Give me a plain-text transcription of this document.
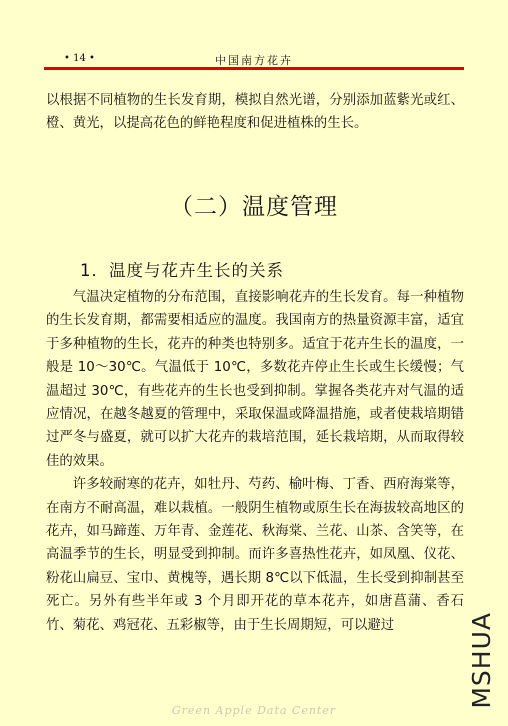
• 14 •	中国南方花卉

以根据不同植物的生长发育期，模拟自然光谱，分别添加蓝紫光或红、橙、黄光，以提高花色的鲜艳程度和促进植株的生长。

（二）温度管理
1．温度与花卉生长的关系

气温决定植物的分布范围，直接影响花卉的生长发育。每一种植物的生长发育期，都需要相适应的温度。我国南方的热量资源丰富，适宜于多种植物的生长，花卉的种类也特别多。适宜于花卉生长的温度，一般是 10～30℃。气温低于 10℃，多数花卉停止生长或生长缓慢；气温超过 30℃，有些花卉的生长也受到抑制。掌握各类花卉对气温的适应情况，在越冬越夏的管理中，采取保温或降温措施，或者使栽培期错过严冬与盛夏，就可以扩大花卉的栽培范围，延长栽培期，从而取得较佳的效果。

许多较耐寒的花卉，如牡丹、芍药、榆叶梅、丁香、西府海棠等，在南方不耐高温，难以栽植。一般阴生植物或原生长在海拔较高地区的花卉，如马蹄莲、万年青、金莲花、秋海棠、兰花、山茶、含笑等，在高温季节的生长，明显受到抑制。而许多喜热性花卉，如凤凰、仪花、粉花山扁豆、宝巾、黄槐等，遇长期 8℃以下低温，生长受到抑制甚至死亡。另外有些半年或 3 个月即开花的草本花卉，如唐菖蒲、香石竹、菊花、鸡冠花、五彩椒等，由于生长周期短，可以避过	MSHUA
Green Apple Data Center
